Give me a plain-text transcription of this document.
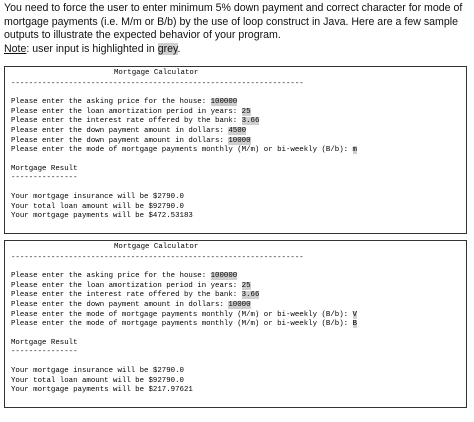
You need to force the user to enter minimum 5% down payment and correct character for mode of mortgage payments (i.e. M/m or B/b) by the use of loop construct in Java. Here are a few sample outputs to illustrate the expected behavior of your program.
Note: user input is highlighted in grey.
Mortgage Calculator
------------------------------------------------------------------
Please enter the asking price for the house: 100000
Please enter the loan amortization period in years: 25
Please enter the interest rate offered by the bank: 3.66
Please enter the down payment amount in dollars: 4500
Please enter the down payment amount in dollars: 10000
Please enter the mode of mortgage payments monthly (M/m) or bi-weekly (B/b): m
Mortgage Result
---------------
Your mortgage insurance will be $2790.0
Your total loan amount will be $92790.0
Your mortgage payments will be $472.53183
Mortgage Calculator
------------------------------------------------------------------
Please enter the asking price for the house: 100000
Please enter the loan amortization period in years: 25
Please enter the interest rate offered by the bank: 3.66
Please enter the down payment amount in dollars: 10000
Please enter the mode of mortgage payments monthly (M/m) or bi-weekly (B/b): V
Please enter the mode of mortgage payments monthly (M/m) or bi-weekly (B/b): B
Mortgage Result
---------------
Your mortgage insurance will be $2790.0
Your total loan amount will be $92790.0
Your mortgage payments will be $217.97621
